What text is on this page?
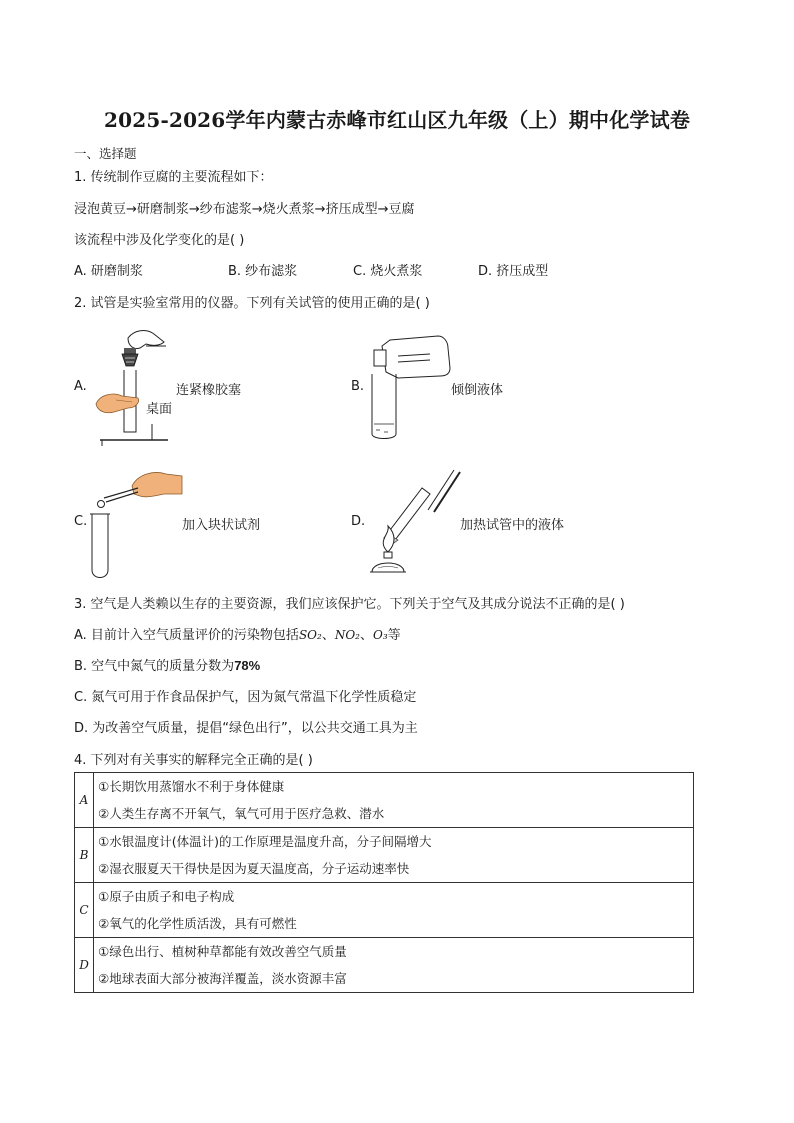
2025-2026学年内蒙古赤峰市红山区九年级（上）期中化学试卷
一、选择题
1. 传统制作豆腐的主要流程如下：
浸泡黄豆→研磨制浆→纱布滤浆→烧火煮浆→挤压成型→豆腐
该流程中涉及化学变化的是( )
A. 研磨制浆	B. 纱布滤浆	C. 烧火煮浆	D. 挤压成型
2. 试管是实验室常用的仪器。下列有关试管的使用正确的是( )
A.
桌面
连紧橡胶塞	B.	倾倒液体
C.	加入块状试剂	D.	加热试管中的液体
3. 空气是人类赖以生存的主要资源，我们应该保护它。下列关于空气及其成分说法不正确的是( )
A. 目前计入空气质量评价的污染物包括SO₂、NO₂、O₃等
B. 空气中氮气的质量分数为78%
C. 氮气可用于作食品保护气，因为氮气常温下化学性质稳定
D. 为改善空气质量，提倡“绿色出行”，以公共交通工具为主
4. 下列对有关事实的解释完全正确的是( )
A	①长期饮用蒸馏水不利于身体健康
②人类生存离不开氧气，氧气可用于医疗急救、潜水

B	①水银温度计(体温计)的工作原理是温度升高，分子间隔增大
②湿衣服夏天干得快是因为夏天温度高，分子运动速率快

C	①原子由质子和电子构成
②氧气的化学性质活泼，具有可燃性

D	①绿色出行、植树种草都能有效改善空气质量
②地球表面大部分被海洋覆盖，淡水资源丰富
